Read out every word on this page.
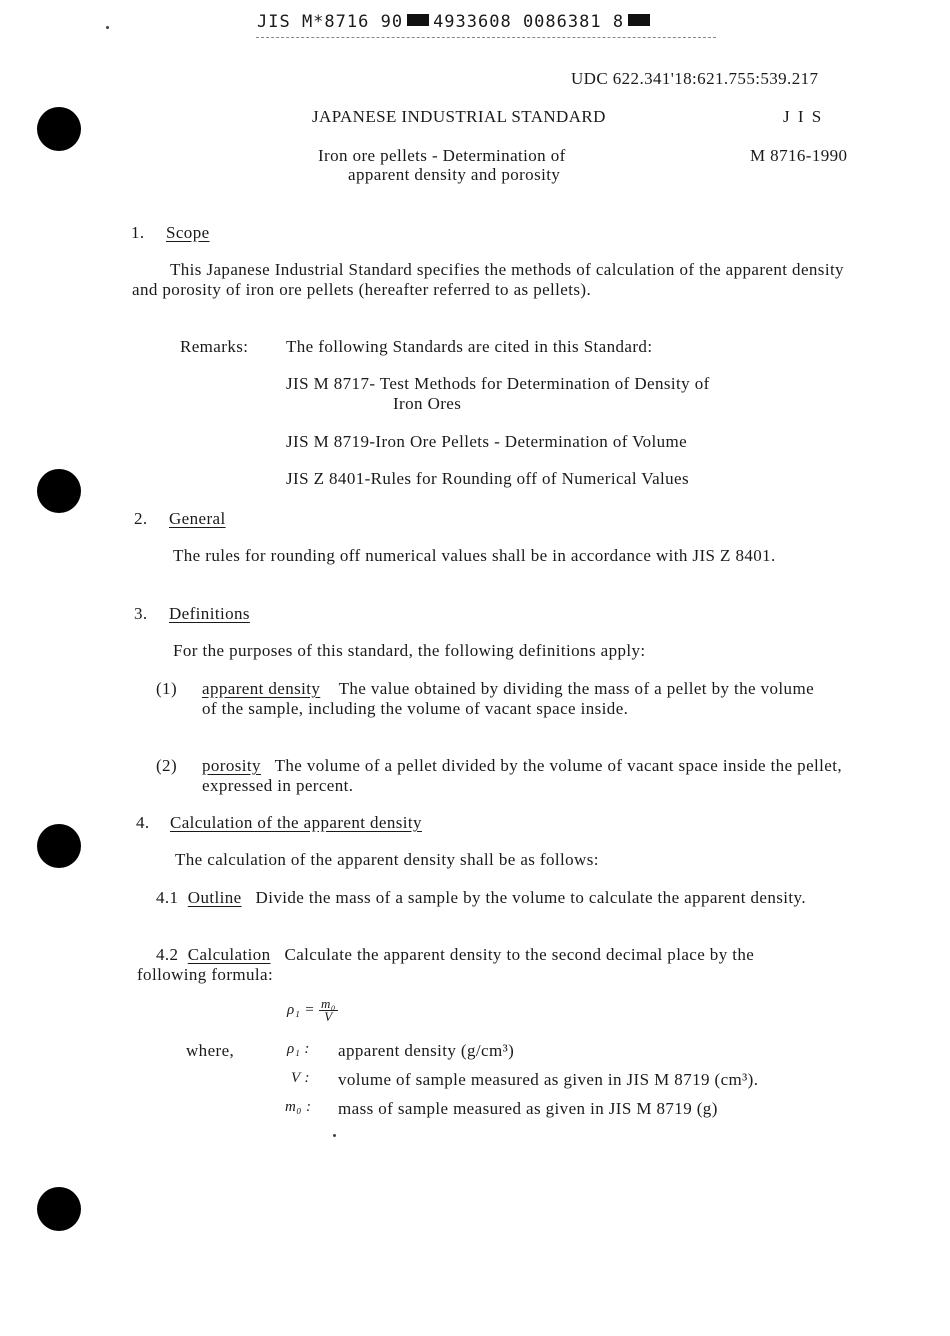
JIS M*8716 90 4933608 0086381 8
UDC 622.341'18:621.755:539.217
JAPANESE INDUSTRIAL STANDARD	J I S
M 8716-1990
Iron ore pellets - Determination of
apparent density and porosity
1. Scope
This Japanese Industrial Standard specifies the methods of calculation of the apparent density and porosity of iron ore pellets (hereafter referred to as pellets).
Remarks: The following Standards are cited in this Standard:
JIS M 8717- Test Methods for Determination of Density of
Iron Ores
JIS M 8719-Iron Ore Pellets - Determination of Volume
JIS Z 8401-Rules for Rounding off of Numerical Values
2. General
The rules for rounding off numerical values shall be in accordance with JIS Z 8401.
3. Definitions
For the purposes of this standard, the following definitions apply:
(1) apparent density The value obtained by dividing the mass of a pellet by the volume of the sample, including the volume of vacant space inside.
(2) porosity The volume of a pellet divided by the volume of vacant space inside the pellet, expressed in percent.
4. Calculation of the apparent density
The calculation of the apparent density shall be as follows:
4.1 Outline Divide the mass of a sample by the volume to calculate the apparent density.
4.2 Calculation Calculate the apparent density to the second decimal place by the following formula:
$\rho_1 = \frac{\text{m₀}}{V}$
where,	ρ₁ : apparent density (g/cm³)
V : volume of sample measured as given in JIS M 8719 (cm³).
m₀ : mass of sample measured as given in JIS M 8719 (g)
